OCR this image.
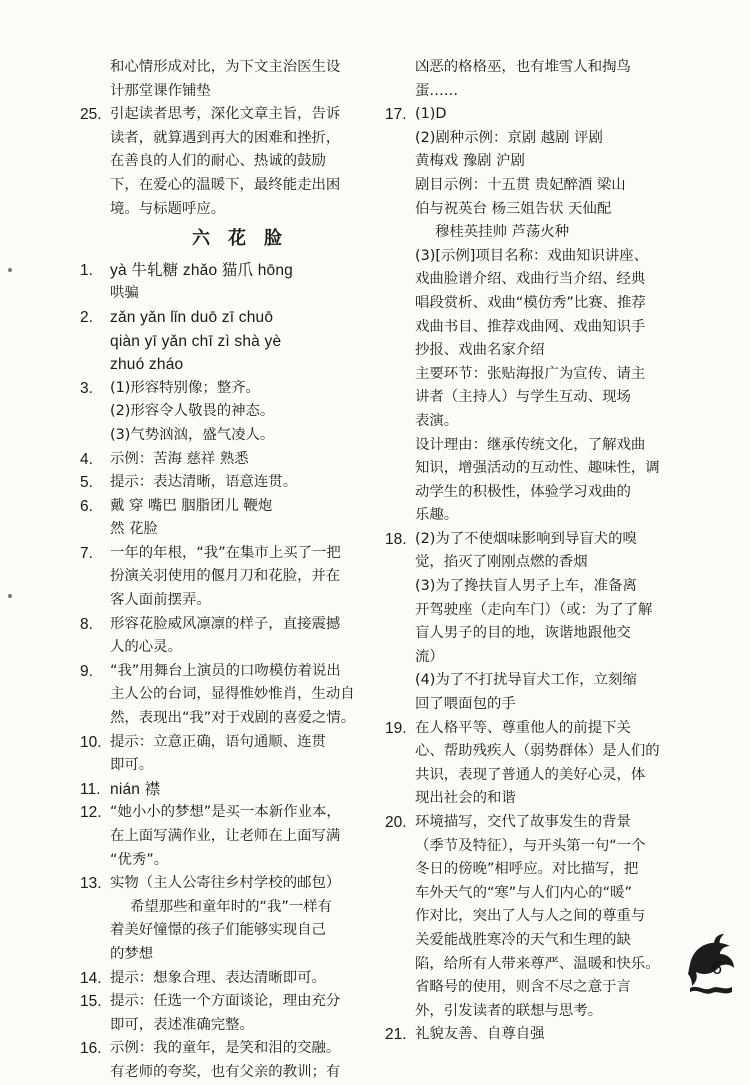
和心情形成对比，为下文主治医生设
计那堂课作铺垫
25. 引起读者思考，深化文章主旨，告诉
读者，就算遇到再大的困难和挫折，
在善良的人们的耐心、热诚的鼓励
下，在爱心的温暖下，最终能走出困
境。与标题呼应。
六花脸
1. yà 牛轧糖 zhǎo 猫爪 hōng
哄骗
2. zǎn yǎn lǐn duō zī chuō
qiàn yī yǎn chī zì shà yè
zhuó zháo
3. (1)形容特别像；整齐。
(2)形容令人敬畏的神态。
(3)气势汹汹，盛气凌人。
4. 示例：苦海 慈祥 熟悉
5. 提示：表达清晰，语意连贯。
6. 戴 穿 嘴巴 胭脂团儿 鞭炮
然 花脸
7. 一年的年根，“我”在集市上买了一把
扮演关羽使用的偃月刀和花脸，并在
客人面前摆弄。
8. 形容花脸威风凛凛的样子，直接震撼
人的心灵。
9. “我”用舞台上演员的口吻模仿着说出
主人公的台词，显得惟妙惟肖，生动自
然，表现出“我”对于戏剧的喜爱之情。
10. 提示：立意正确，语句通顺、连贯
即可。
11. nián 襟
12. “她小小的梦想”是买一本新作业本，
在上面写满作业，让老师在上面写满
“优秀”。
13. 实物（主人公寄往乡村学校的邮包）
希望那些和童年时的“我”一样有
着美好憧憬的孩子们能够实现自己
的梦想
14. 提示：想象合理、表达清晰即可。
15. 提示：任选一个方面谈论，理由充分
即可，表述准确完整。
16. 示例：我的童年，是笑和泪的交融。
有老师的夸奖，也有父亲的教训；有
凶恶的格格巫，也有堆雪人和掏鸟
蛋……
17. (1)D
(2)剧种示例：京剧 越剧 评剧
黄梅戏 豫剧 沪剧
剧目示例：十五贯 贵妃醉酒 梁山
伯与祝英台 杨三姐告状 天仙配
穆桂英挂帅 芦荡火种
(3)[示例]项目名称：戏曲知识讲座、
戏曲脸谱介绍、戏曲行当介绍、经典
唱段赏析、戏曲“模仿秀”比赛、推荐
戏曲书目、推荐戏曲网、戏曲知识手
抄报、戏曲名家介绍
主要环节：张贴海报广为宣传、请主
讲者（主持人）与学生互动、现场
表演。
设计理由：继承传统文化，了解戏曲
知识，增强活动的互动性、趣味性，调
动学生的积极性，体验学习戏曲的
乐趣。
18. (2)为了不使烟味影响到导盲犬的嗅
觉，掐灭了刚刚点燃的香烟
(3)为了搀扶盲人男子上车，准备离
开驾驶座（走向车门）（或：为了了解
盲人男子的目的地，诙谐地跟他交
流）
(4)为了不打扰导盲犬工作，立刻缩
回了喂面包的手
19. 在人格平等、尊重他人的前提下关
心、帮助残疾人（弱势群体）是人们的
共识，表现了普通人的美好心灵，体
现出社会的和谐
20. 环境描写，交代了故事发生的背景
（季节及特征），与开头第一句“一个
冬日的傍晚”相呼应。对比描写，把
车外天气的“寒”与人们内心的“暖”
作对比，突出了人与人之间的尊重与
关爱能战胜寒冷的天气和生理的缺
陷，给所有人带来尊严、温暖和快乐。
省略号的使用，则含不尽之意于言
外，引发读者的联想与思考。
21. 礼貌友善、自尊自强
6
